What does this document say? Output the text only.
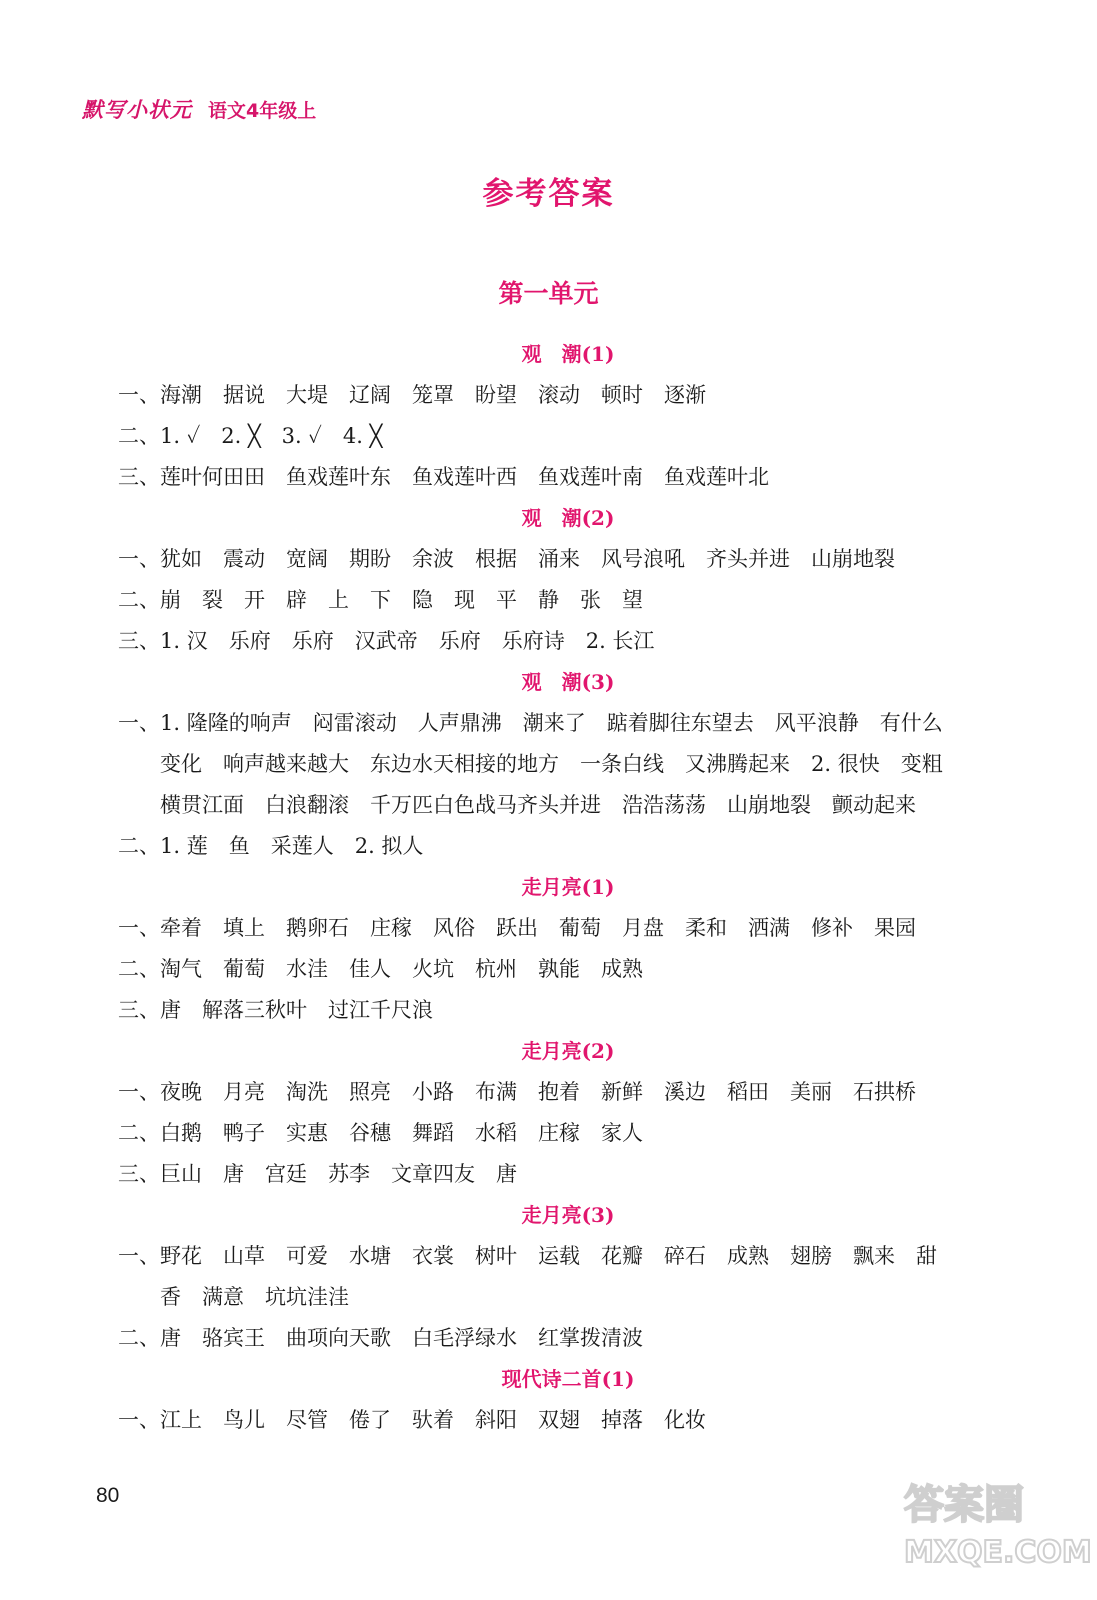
默写小状元 语文4年级上
参考答案
第一单元
观　潮(1)
一、海潮　据说　大堤　辽阔　笼罩　盼望　滚动　顿时　逐渐
二、1. ✓　2. ╳　3. ✓　4. ╳
三、莲叶何田田　鱼戏莲叶东　鱼戏莲叶西　鱼戏莲叶南　鱼戏莲叶北
观　潮(2)
一、犹如　震动　宽阔　期盼　余波　根据　涌来　风号浪吼　齐头并进　山崩地裂
二、崩　裂　开　辟　上　下　隐　现　平　静　张　望
三、1. 汉　乐府　乐府　汉武帝　乐府　乐府诗　2. 长江
观　潮(3)
一、1. 隆隆的响声　闷雷滚动　人声鼎沸　潮来了　踮着脚往东望去　风平浪静　有什么
变化　响声越来越大　东边水天相接的地方　一条白线　又沸腾起来　2. 很快　变粗
横贯江面　白浪翻滚　千万匹白色战马齐头并进　浩浩荡荡　山崩地裂　颤动起来
二、1. 莲　鱼　采莲人　2. 拟人
走月亮(1)
一、牵着　填上　鹅卵石　庄稼　风俗　跃出　葡萄　月盘　柔和　洒满　修补　果园
二、淘气　葡萄　水洼　佳人　火坑　杭州　孰能　成熟
三、唐　解落三秋叶　过江千尺浪
走月亮(2)
一、夜晚　月亮　淘洗　照亮　小路　布满　抱着　新鲜　溪边　稻田　美丽　石拱桥
二、白鹅　鸭子　实惠　谷穗　舞蹈　水稻　庄稼　家人
三、巨山　唐　宫廷　苏李　文章四友　唐
走月亮(3)
一、野花　山草　可爱　水塘　衣裳　树叶　运载　花瓣　碎石　成熟　翅膀　飘来　甜
香　满意　坑坑洼洼
二、唐　骆宾王　曲项向天歌　白毛浮绿水　红掌拨清波
现代诗二首(1)
一、江上　鸟儿　尽管　倦了　驮着　斜阳　双翅　掉落　化妆
80	答案圈
MXQE.COM
